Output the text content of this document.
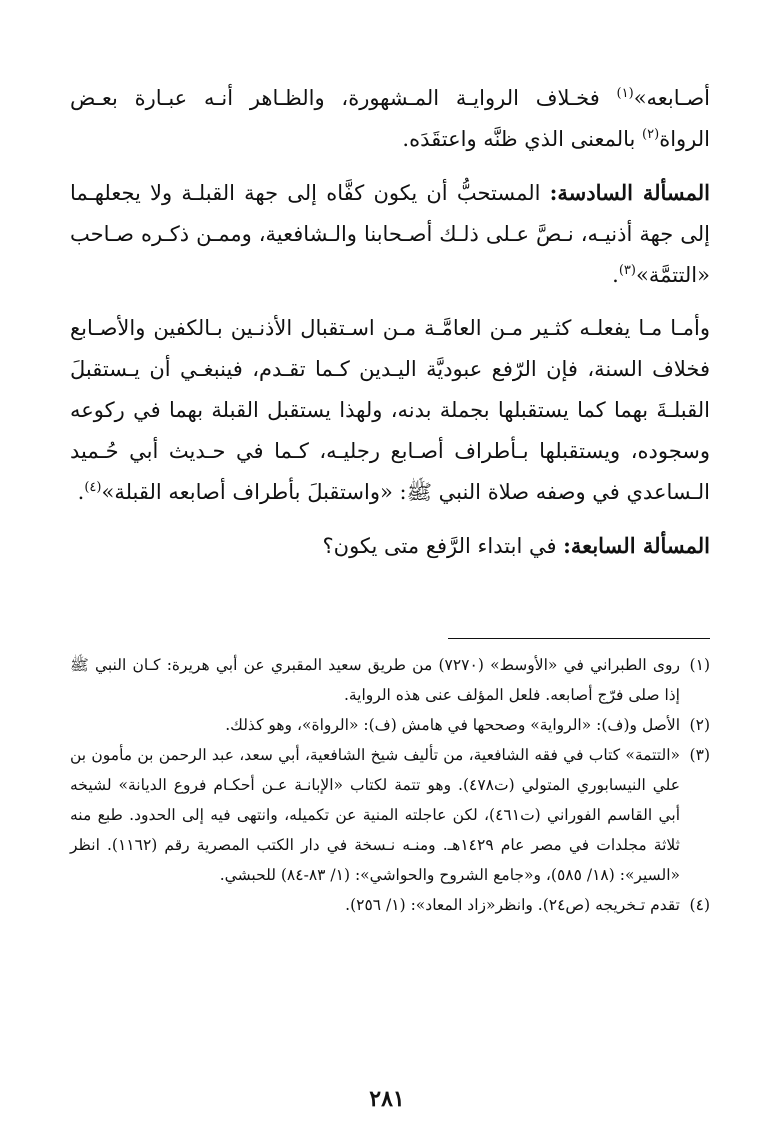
أصـابعه»$^{(١)}$ فخـلاف الروايـة المـشهورة، والظـاهر أنـه عبـارة بعـض الرواة$^{(٢)}$ بالمعنى الذي ظنَّه واعتقَدَه.

المسألة السادسة: المستحبُّ أن يكون كفَّاه إلى جهة القبلـة ولا يجعلهـما إلى جهة أذنيـه، نـصَّ عـلى ذلـك أصـحابنا والـشافعية، وممـن ذكـره صـاحب «التتمَّة»$^{(٣)}$.

وأمـا مـا يفعلـه كثـير مـن العامَّـة مـن اسـتقبال الأذنـين بـالكفين والأصـابع فخلاف السنة، فإن الرّفع عبوديَّة اليـدين كـما تقـدم، فينبغـي أن يـستقبلَ القبلـةَ بهما كما يستقبلها بجملة بدنه، ولهذا يستقبل القبلة بهما في ركوعه وسجوده، ويستقبلها بـأطراف أصـابع رجليـه، كـما في حـديث أبي حُـميد الـساعدي في وصفه صلاة النبي ﷺ: «واستقبلَ بأطراف أصابعه القبلة»$^{(٤)}$.

المسألة السابعة: في ابتداء الرَّفع متى يكون؟

(١)
روى الطبراني في «الأوسط» (٧٢٧٠) من طريق سعيد المقبري عن أبي هريرة: كـان النبي ﷺ إذا صلى فرّج أصابعه. فلعل المؤلف عنى هذه الرواية.
(٢)
الأصل و(ف): «الرواية» وصححها في هامش (ف): «الرواة»، وهو كذلك.
(٣)
«التتمة» كتاب في فقه الشافعية، من تأليف شيخ الشافعية، أبي سعد، عبد الرحمن بن مأمون بن علي النيسابوري المتولي (ت٤٧٨). وهو تتمة لكتاب «الإبانـة عـن أحكـام فروع الديانة» لشيخه أبي القاسم الفوراني (ت٤٦١)، لكن عاجلته المنية عن تكميله، وانتهى فيه إلى الحدود. طبع منه ثلاثة مجلدات في مصر عام ١٤٢٩هـ. ومنـه نـسخة في دار الكتب المصرية رقم (١١٦٢). انظر «السير»: (١٨/ ٥٨٥)، و«جامع الشروح والحواشي»: (١/ ٨٣-٨٤) للحبشي.
(٤)
تقدم تـخريجه (ص٢٤). وانظر«زاد المعاد»: (١/ ٢٥٦).
٢٨١
